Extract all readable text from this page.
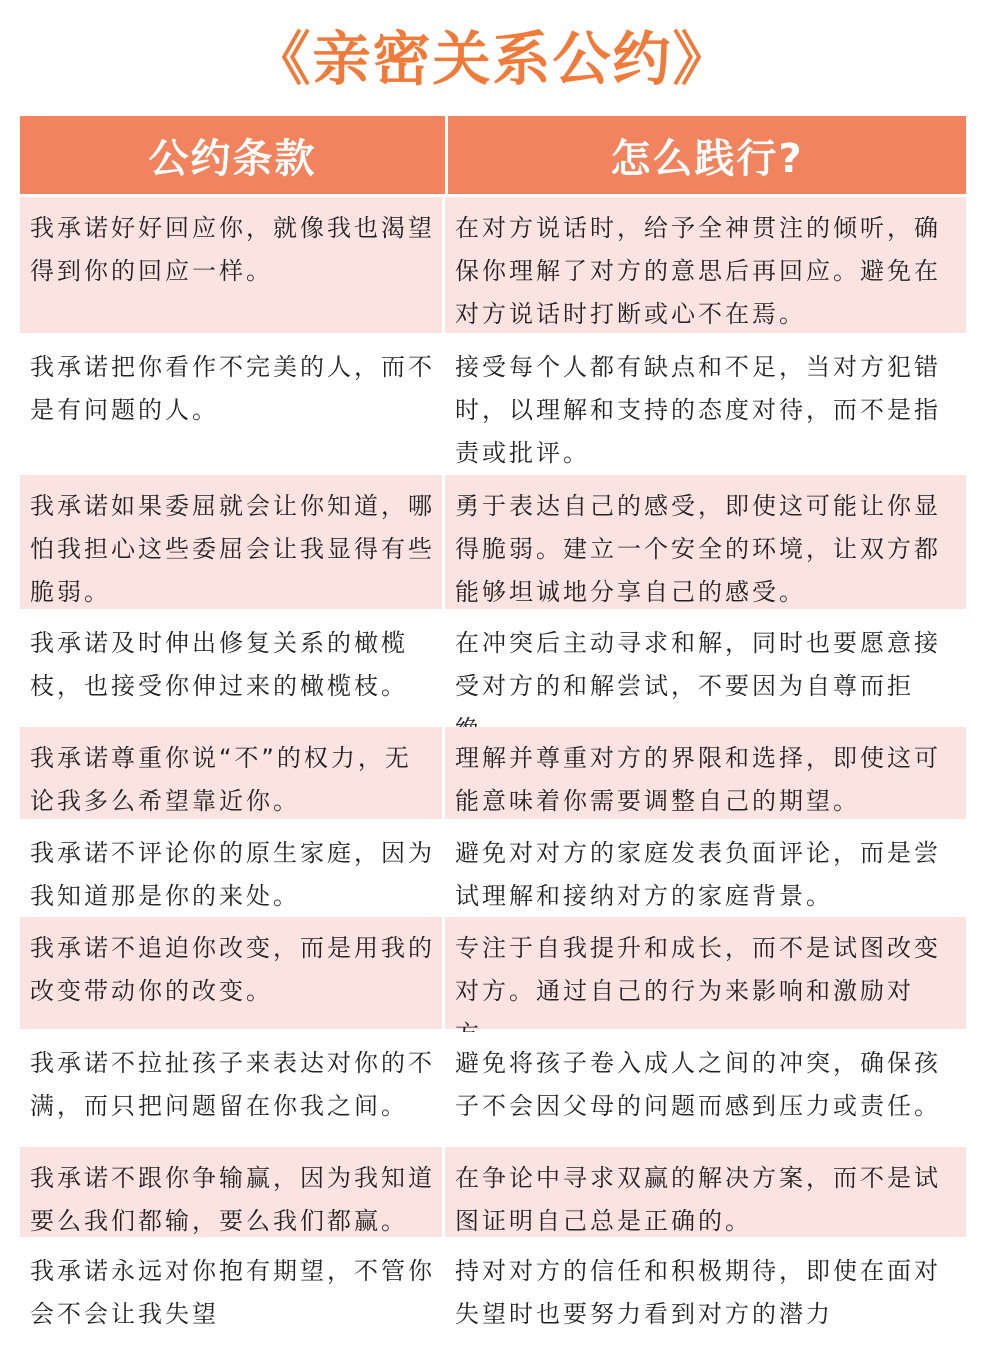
《亲密关系公约》
公约条款	怎么践行?
我承诺好好回应你，就像我也渴望得到你的回应一样。
在对方说话时，给予全神贯注的倾听，确保你理解了对方的意思后再回应。避免在对方说话时打断或心不在焉。
我承诺把你看作不完美的人，而不是有问题的人。
接受每个人都有缺点和不足，当对方犯错时，以理解和支持的态度对待，而不是指责或批评。
我承诺如果委屈就会让你知道，哪怕我担心这些委屈会让我显得有些脆弱。
勇于表达自己的感受，即使这可能让你显得脆弱。建立一个安全的环境，让双方都能够坦诚地分享自己的感受。
我承诺及时伸出修复关系的橄榄枝，也接受你伸过来的橄榄枝。
在冲突后主动寻求和解，同时也要愿意接受对方的和解尝试，不要因为自尊而拒
我承诺尊重你说“不”的权力，无论我多么希望靠近你。
理解并尊重对方的界限和选择，即使这可能意味着你需要调整自己的期望。
我承诺不评论你的原生家庭，因为我知道那是你的来处。
避免对对方的家庭发表负面评论，而是尝试理解和接纳对方的家庭背景。
我承诺不追迫你改变，而是用我的改变带动你的改变。
专注于自我提升和成长，而不是试图改变对方。通过自己的行为来影响和激励对
我承诺不拉扯孩子来表达对你的不满，而只把问题留在你我之间。
避免将孩子卷入成人之间的冲突，确保孩子不会因父母的问题而感到压力或责任。
我承诺不跟你争输赢，因为我知道要么我们都输，要么我们都赢。
在争论中寻求双赢的解决方案，而不是试图证明自己总是正确的。
我承诺永远对你抱有期望，不管你会不会让我失望
持对对方的信任和积极期待，即使在面对失望时也要努力看到对方的潜力
